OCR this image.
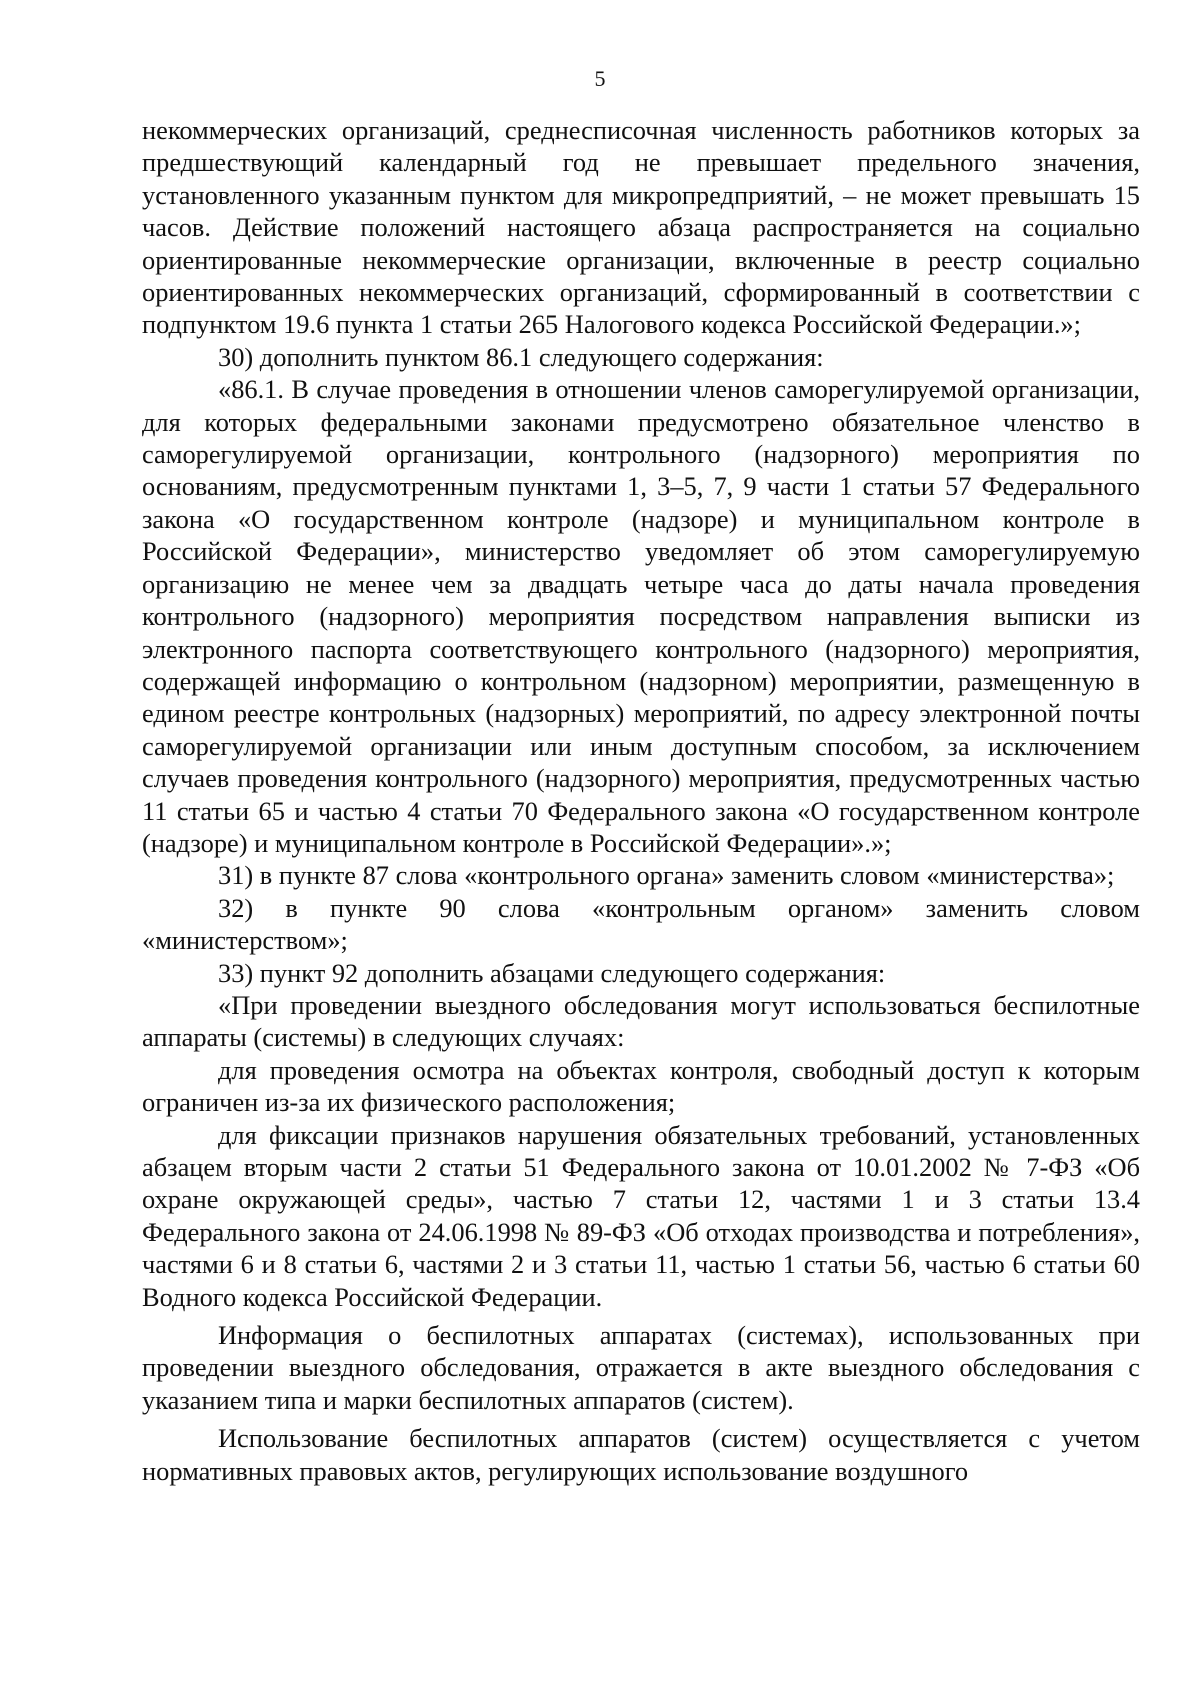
5

некоммерческих организаций, среднесписочная численность работников которых за предшествующий календарный год не превышает предельного значения, установленного указанным пунктом для микропредприятий, – не может превышать 15 часов. Действие положений настоящего абзаца распространяется на социально ориентированные некоммерческие организации, включенные в реестр социально ориентированных некоммерческих организаций, сформированный в соответствии с подпунктом 19.6 пункта 1 статьи 265 Налогового кодекса Российской Федерации.»;

30) дополнить пунктом 86.1 следующего содержания:

«86.1. В случае проведения в отношении членов саморегулируемой организации, для которых федеральными законами предусмотрено обязательное членство в саморегулируемой организации, контрольного (надзорного) мероприятия по основаниям, предусмотренным пунктами 1, 3–5, 7, 9 части 1 статьи 57 Федерального закона «О государственном контроле (надзоре) и муниципальном контроле в Российской Федерации», министерство уведомляет об этом саморегулируемую организацию не менее чем за двадцать четыре часа до даты начала проведения контрольного (надзорного) мероприятия посредством направления выписки из электронного паспорта соответствующего контрольного (надзорного) мероприятия, содержащей информацию о контрольном (надзорном) мероприятии, размещенную в едином реестре контрольных (надзорных) мероприятий, по адресу электронной почты саморегулируемой организации или иным доступным способом, за исключением случаев проведения контрольного (надзорного) мероприятия, предусмотренных частью 11 статьи 65 и частью 4 статьи 70 Федерального закона «О государственном контроле (надзоре) и муниципальном контроле в Российской Федерации».»;

31) в пункте 87 слова «контрольного органа» заменить словом «министерства»;

32) в пункте 90 слова «контрольным органом» заменить словом «министерством»;

33) пункт 92 дополнить абзацами следующего содержания:

«При проведении выездного обследования могут использоваться беспилотные аппараты (системы) в следующих случаях:

для проведения осмотра на объектах контроля, свободный доступ к которым ограничен из-за их физического расположения;

для фиксации признаков нарушения обязательных требований, установленных абзацем вторым части 2 статьи 51 Федерального закона от 10.01.2002 № 7-ФЗ «Об охране окружающей среды», частью 7 статьи 12, частями 1 и 3 статьи 13.4 Федерального закона от 24.06.1998 № 89-ФЗ «Об отходах производства и потребления», частями 6 и 8 статьи 6, частями 2 и 3 статьи 11, частью 1 статьи 56, частью 6 статьи 60 Водного кодекса Российской Федерации.

Информация о беспилотных аппаратах (системах), использованных при проведении выездного обследования, отражается в акте выездного обследования с указанием типа и марки беспилотных аппаратов (систем).

Использование беспилотных аппаратов (систем) осуществляется с учетом нормативных правовых актов, регулирующих использование воздушного
